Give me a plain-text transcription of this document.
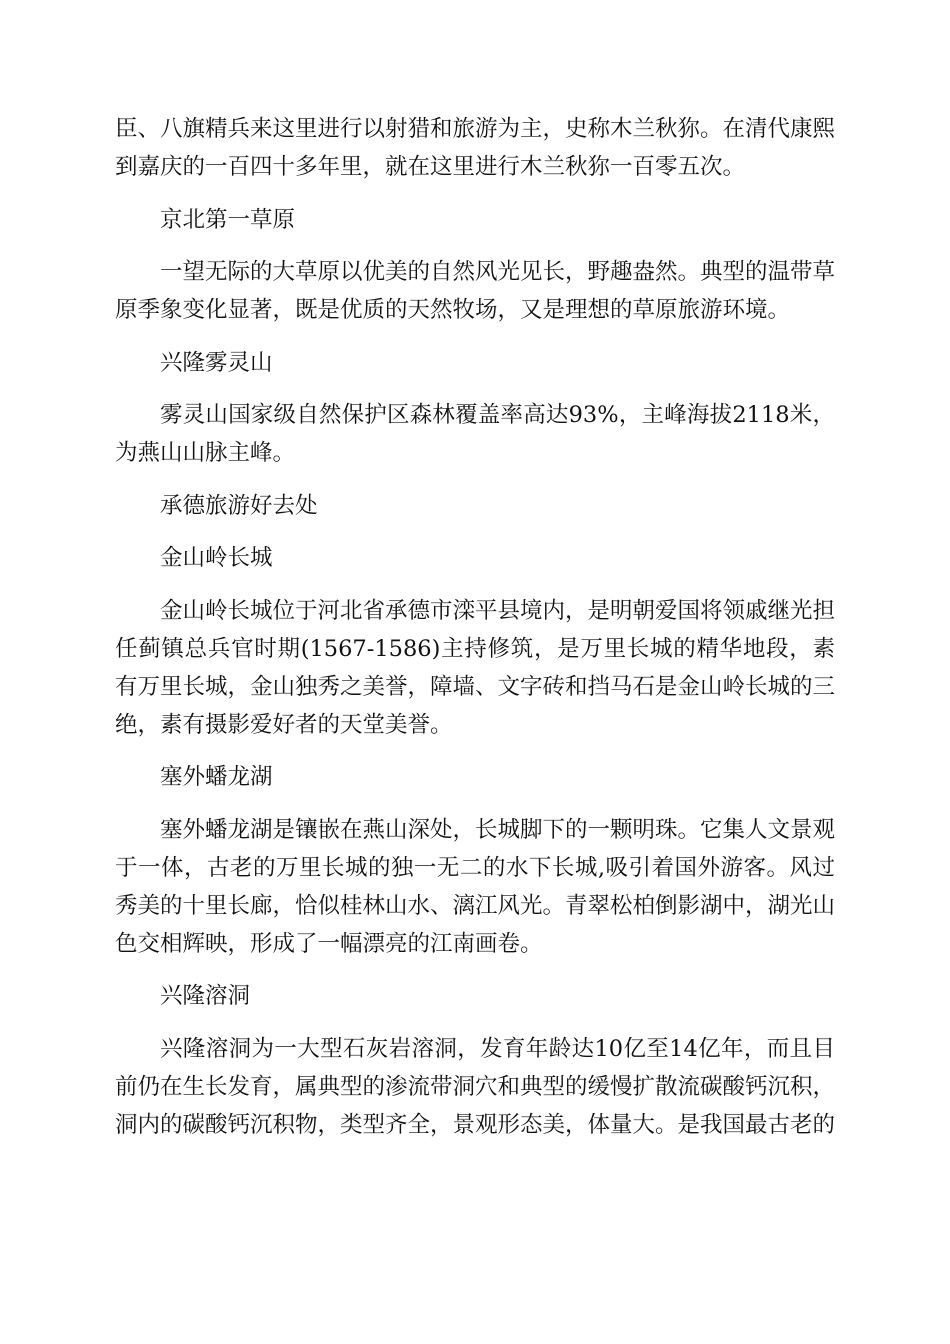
臣、八旗精兵来这里进行以射猎和旅游为主，史称木兰秋狝。在清代康熙到嘉庆的一百四十多年里，就在这里进行木兰秋狝一百零五次。

京北第一草原

一望无际的大草原以优美的自然风光见长，野趣盎然。典型的温带草原季象变化显著，既是优质的天然牧场，又是理想的草原旅游环境。

兴隆雾灵山

雾灵山国家级自然保护区森林覆盖率高达93%，主峰海拔2118米，为燕山山脉主峰。

承德旅游好去处

金山岭长城

金山岭长城位于河北省承德市滦平县境内，是明朝爱国将领戚继光担任蓟镇总兵官时期(1567-1586)主持修筑，是万里长城的精华地段，素有万里长城，金山独秀之美誉，障墙、文字砖和挡马石是金山岭长城的三绝，素有摄影爱好者的天堂美誉。

塞外蟠龙湖

塞外蟠龙湖是镶嵌在燕山深处，长城脚下的一颗明珠。它集人文景观于一体，古老的万里长城的独一无二的水下长城,吸引着国外游客。风过秀美的十里长廊，恰似桂林山水、漓江风光。青翠松柏倒影湖中，湖光山色交相辉映，形成了一幅漂亮的江南画卷。

兴隆溶洞

兴隆溶洞为一大型石灰岩溶洞，发育年龄达10亿至14亿年，而且目前仍在生长发育，属典型的渗流带洞穴和典型的缓慢扩散流碳酸钙沉积，洞内的碳酸钙沉积物，类型齐全，景观形态美，体量大。是我国最古老的
